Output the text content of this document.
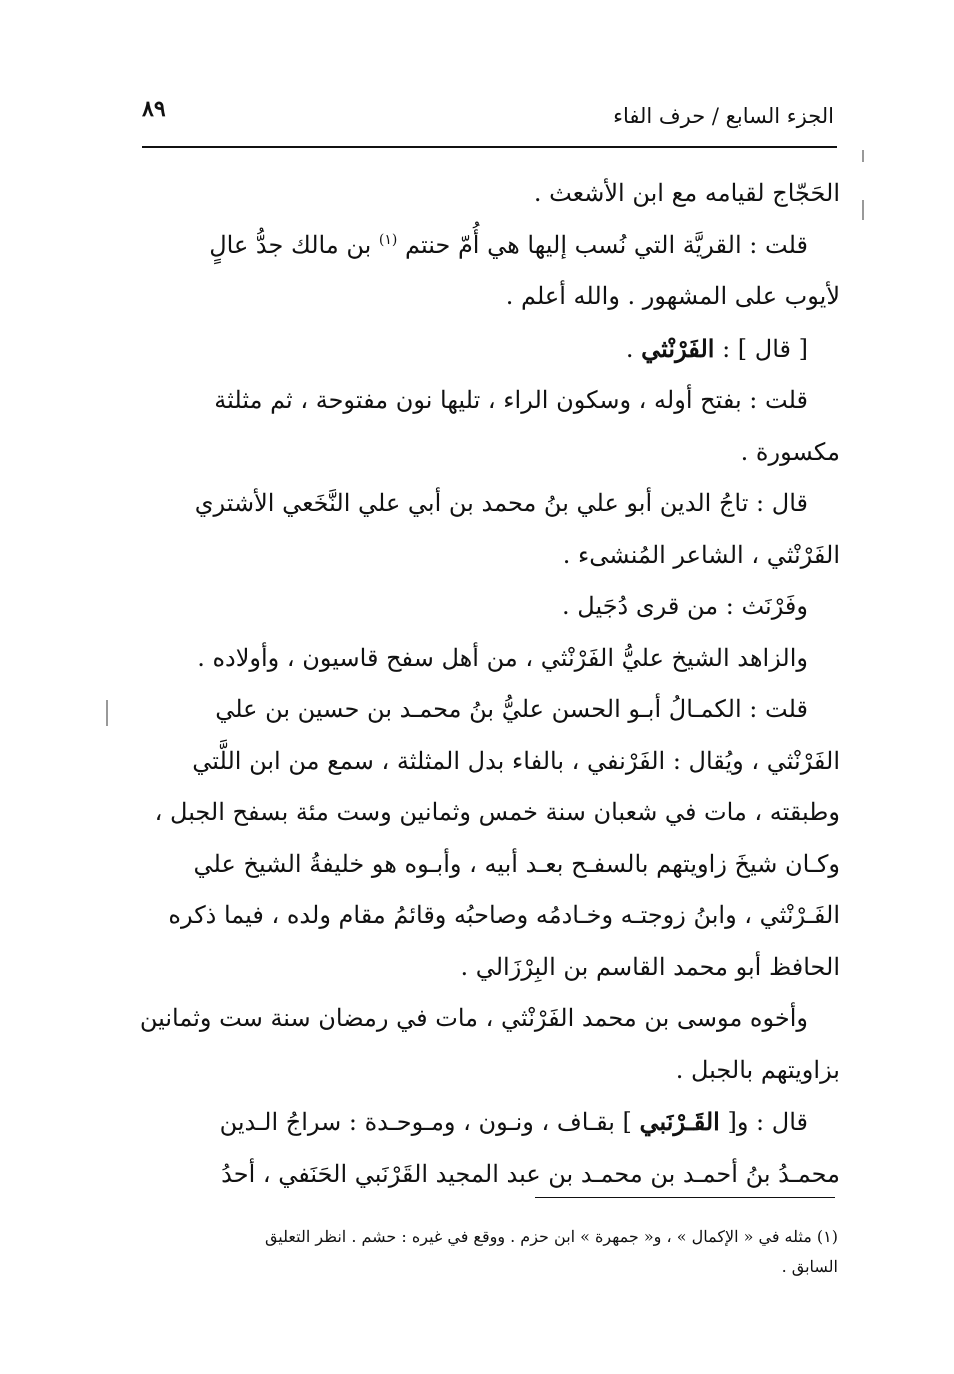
٨٩	الجزء السابع / حرف الفاء

الحَجّاج لقيامه مع ابن الأشعث .

قلت : القريَّة التي نُسب إليها هي أُمّ حنتم $^{(١)}$ بن مالك جدُّ عالٍ

لأيوب على المشهور . والله أعلم .

[ قال ] : الفَرْنْثي .

قلت : بفتح أوله ، وسكون الراء ، تليها نون مفتوحة ، ثم مثلثة

مكسورة .

قال : تاجُ الدين أبو علي بنُ محمد بن أبي علي النَّخَعي الأشتري

الفَرْنْثي ، الشاعر المُنشىء .

وفَرْنَث : من قرى دُجَيل .

والزاهد الشيخ عليُّ الفَرْنْثي ، من أهل سفح قاسيون ، وأولاده .

قلت : الكمـالُ أبـو الحسن عليُّ بنُ محمـد بن حسين بن علي

الفَرْنْثي ، ويُقال : الفَرْنفي ، بالفاء بدل المثلثة ، سمع من ابن اللَّتي

وطبقته ، مات في شعبان سنة خمس وثمانين وست مئة بسفح الجبل ،

وكـان شيخَ زاويتهم بالسفـح بعـد أبيه ، وأبـوه هو خليفةُ الشيخ علي

الفَـرْنْثي ، وابنُ زوجتـه وخـادمُه وصاحبُه وقائمُ مقام ولده ، فيما ذكره

الحافظ أبو محمد القاسم بن البِرْزَالي .

وأخوه موسى بن محمد الفَرْنْثي ، مات في رمضان سنة ست وثمانين

بزاويتهم بالجبل .

قال : و[ القَـرْنَبي ] بقـاف ، ونـون ، ومـوحـدة : سراجُ الـدين

محمـدُ بنُ أحمـد بن محمـد بن عبد المجيد القَرْنَبي الحَنَفي ، أحدُ

(١) مثله في « الإكمال » ، و« جمهرة » ابن حزم . ووقع في غيره : حشم . انظر التعليق

السابق .
